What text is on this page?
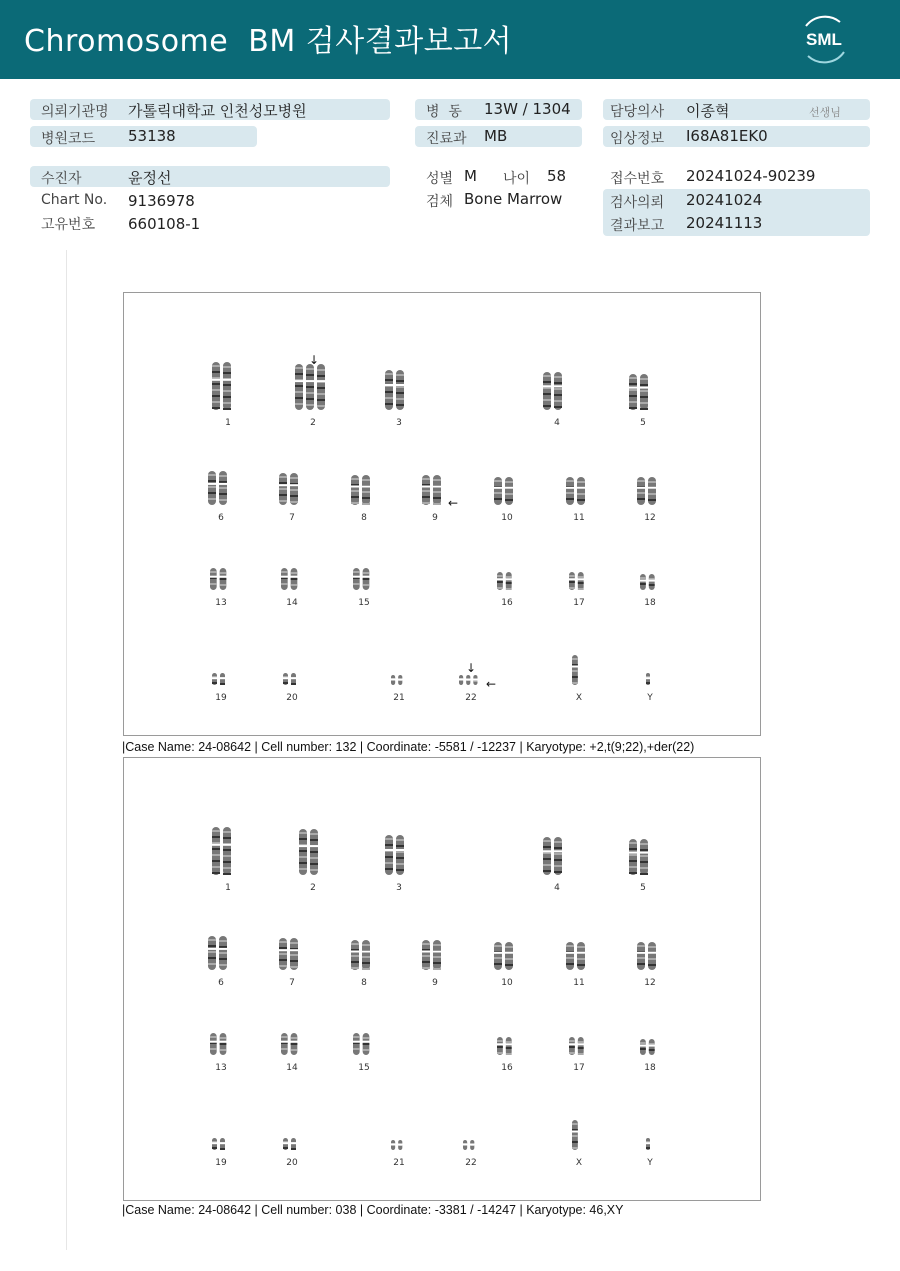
Chromosome  BM 검사결과보고서	SML
의뢰기관명 가톨릭대학교 인천성모병원
병원코드 53138
병  동 13W / 1304
진료과 MB
담당의사 이종혁	선생님
임상정보 I68A81EK0
수진자	윤정선
Chart No. 9136978
고유번호 660108-1
성별 M 나이 58
검체 Bone Marrow
접수번호 20241024-90239
검사의뢰 20241024
결과보고 20241113
1	2	3	4	5
6	7	8	9	10	11	12
13	14	15	16	17	18
19	20	21	22	X	Y
↓
←
↓
←
|Case Name: 24-08642 | Cell number: 132 | Coordinate: -5581 / -12237 | Karyotype: +2,t(9;22),+der(22)
1	2	3	4	5
6	7	8	9	10	11	12
13	14	15	16	17	18
19	20	21	22	X	Y
|Case Name: 24-08642 | Cell number: 038 | Coordinate: -3381 / -14247 | Karyotype: 46,XY
